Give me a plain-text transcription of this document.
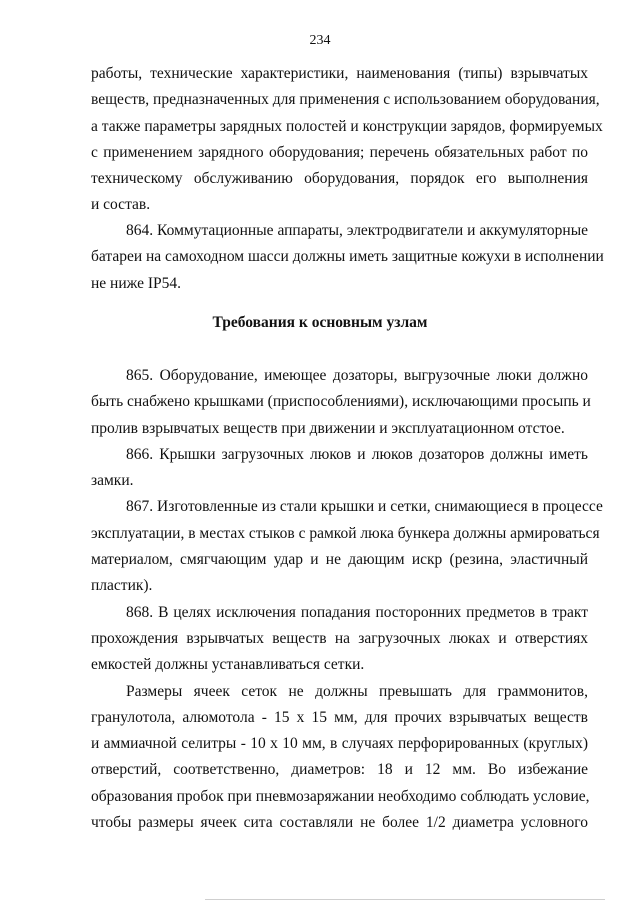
234
работы, технические характеристики, наименования (типы) взрывчатых
веществ, предназначенных для применения с использованием оборудования,
а также параметры зарядных полостей и конструкции зарядов, формируемых
с применением зарядного оборудования; перечень обязательных работ по
техническому обслуживанию оборудования, порядок его выполнения
и состав.
864. Коммутационные аппараты, электродвигатели и аккумуляторные
батареи на самоходном шасси должны иметь защитные кожухи в исполнении
не ниже IP54.
Требования к основным узлам
865. Оборудование, имеющее дозаторы, выгрузочные люки должно
быть снабжено крышками (приспособлениями), исключающими просыпь и
пролив взрывчатых веществ при движении и эксплуатационном отстое.
866. Крышки загрузочных люков и люков дозаторов должны иметь
замки.
867. Изготовленные из стали крышки и сетки, снимающиеся в процессе
эксплуатации, в местах стыков с рамкой люка бункера должны армироваться
материалом, смягчающим удар и не дающим искр (резина, эластичный
пластик).
868. В целях исключения попадания посторонних предметов в тракт
прохождения взрывчатых веществ на загрузочных люках и отверстиях
емкостей должны устанавливаться сетки.
Размеры ячеек сеток не должны превышать для граммонитов,
гранулотола, алюмотола - 15 х 15 мм, для прочих взрывчатых веществ
и аммиачной селитры - 10 х 10 мм, в случаях перфорированных (круглых)
отверстий, соответственно, диаметров: 18 и 12 мм. Во избежание
образования пробок при пневмозаряжании необходимо соблюдать условие,
чтобы размеры ячеек сита составляли не более 1/2 диаметра условного
